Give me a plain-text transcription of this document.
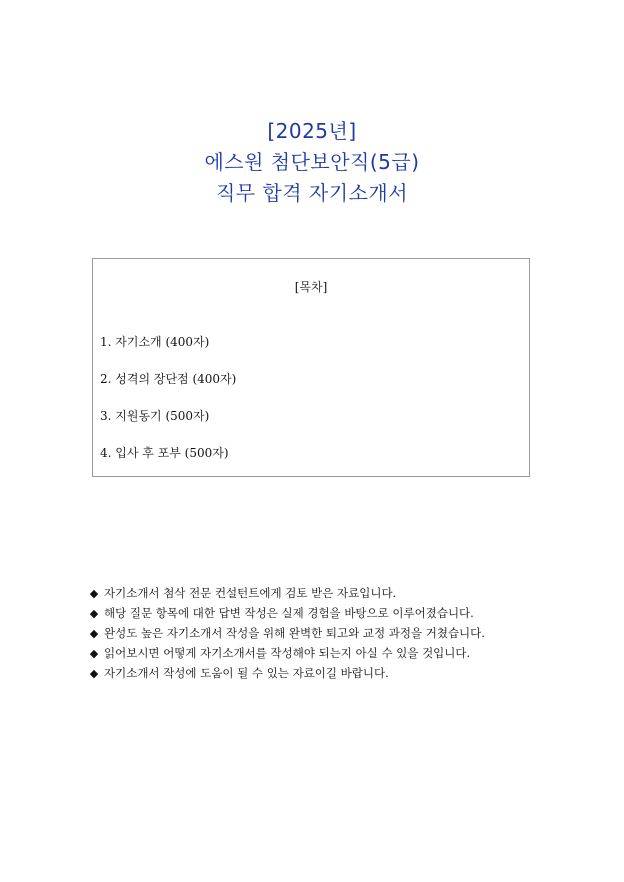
[2025년]
에스원 첨단보안직(5급)
직무 합격 자기소개서
[목차]
1. 자기소개 (400자)
2. 성격의 장단점 (400자)
3. 지원동기 (500자)
4. 입사 후 포부 (500자)
◆ 자기소개서 첨삭 전문 컨설턴트에게 검토 받은 자료입니다.
◆ 해당 질문 항목에 대한 답변 작성은 실제 경험을 바탕으로 이루어졌습니다.
◆ 완성도 높은 자기소개서 작성을 위해 완벽한 퇴고와 교정 과정을 거쳤습니다.
◆ 읽어보시면 어떻게 자기소개서를 작성해야 되는지 아실 수 있을 것입니다.
◆ 자기소개서 작성에 도움이 될 수 있는 자료이길 바랍니다.
